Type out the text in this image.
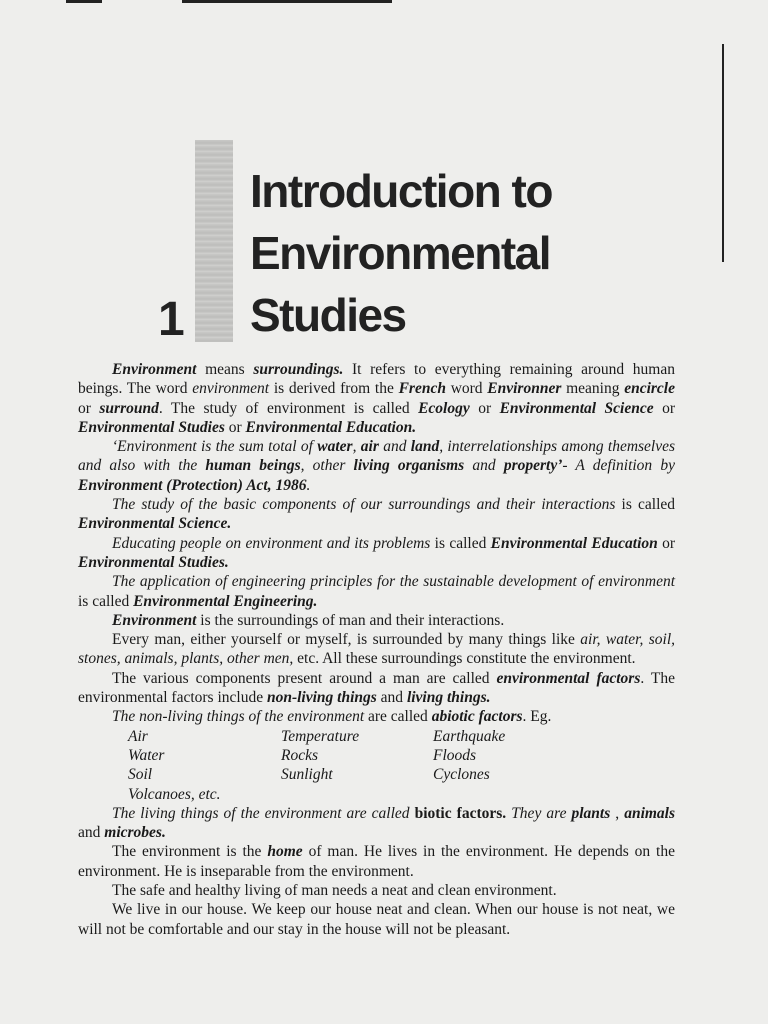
1
Introduction to
Environmental
Studies

Environment means surroundings. It refers to everything remaining around human beings. The word environment is derived from the French word Environner meaning encircle or surround. The study of environment is called Ecology or Environmental Science or Environmental Studies or Environmental Education.

‘Environment is the sum total of water, air and land, interrelationships among themselves and also with the human beings, other living organisms and property’- A definition by Environment (Protection) Act, 1986.

The study of the basic components of our surroundings and their interactions is called Environmental Science.

Educating people on environment and its problems is called Environmental Education or Environmental Studies.

The application of engineering principles for the sustainable development of environment is called Environmental Engineering.

Environment is the surroundings of man and their interactions.

Every man, either yourself or myself, is surrounded by many things like air, water, soil, stones, animals, plants, other men, etc. All these surroundings constitute the environment.

The various components present around a man are called environmental factors. The environmental factors include non-living things and living things.

The non-living things of the environment are called abiotic factors. Eg.

Air	Temperature	Earthquake
Water	Rocks	Floods
Soil	Sunlight	Cyclones
Volcanoes, etc.

The living things of the environment are called biotic factors. They are plants , animals and microbes.

The environment is the home of man. He lives in the environment. He depends on the environment. He is inseparable from the environment.

The safe and healthy living of man needs a neat and clean environment.

We live in our house. We keep our house neat and clean. When our house is not neat, we will not be comfortable and our stay in the house will not be pleasant.
